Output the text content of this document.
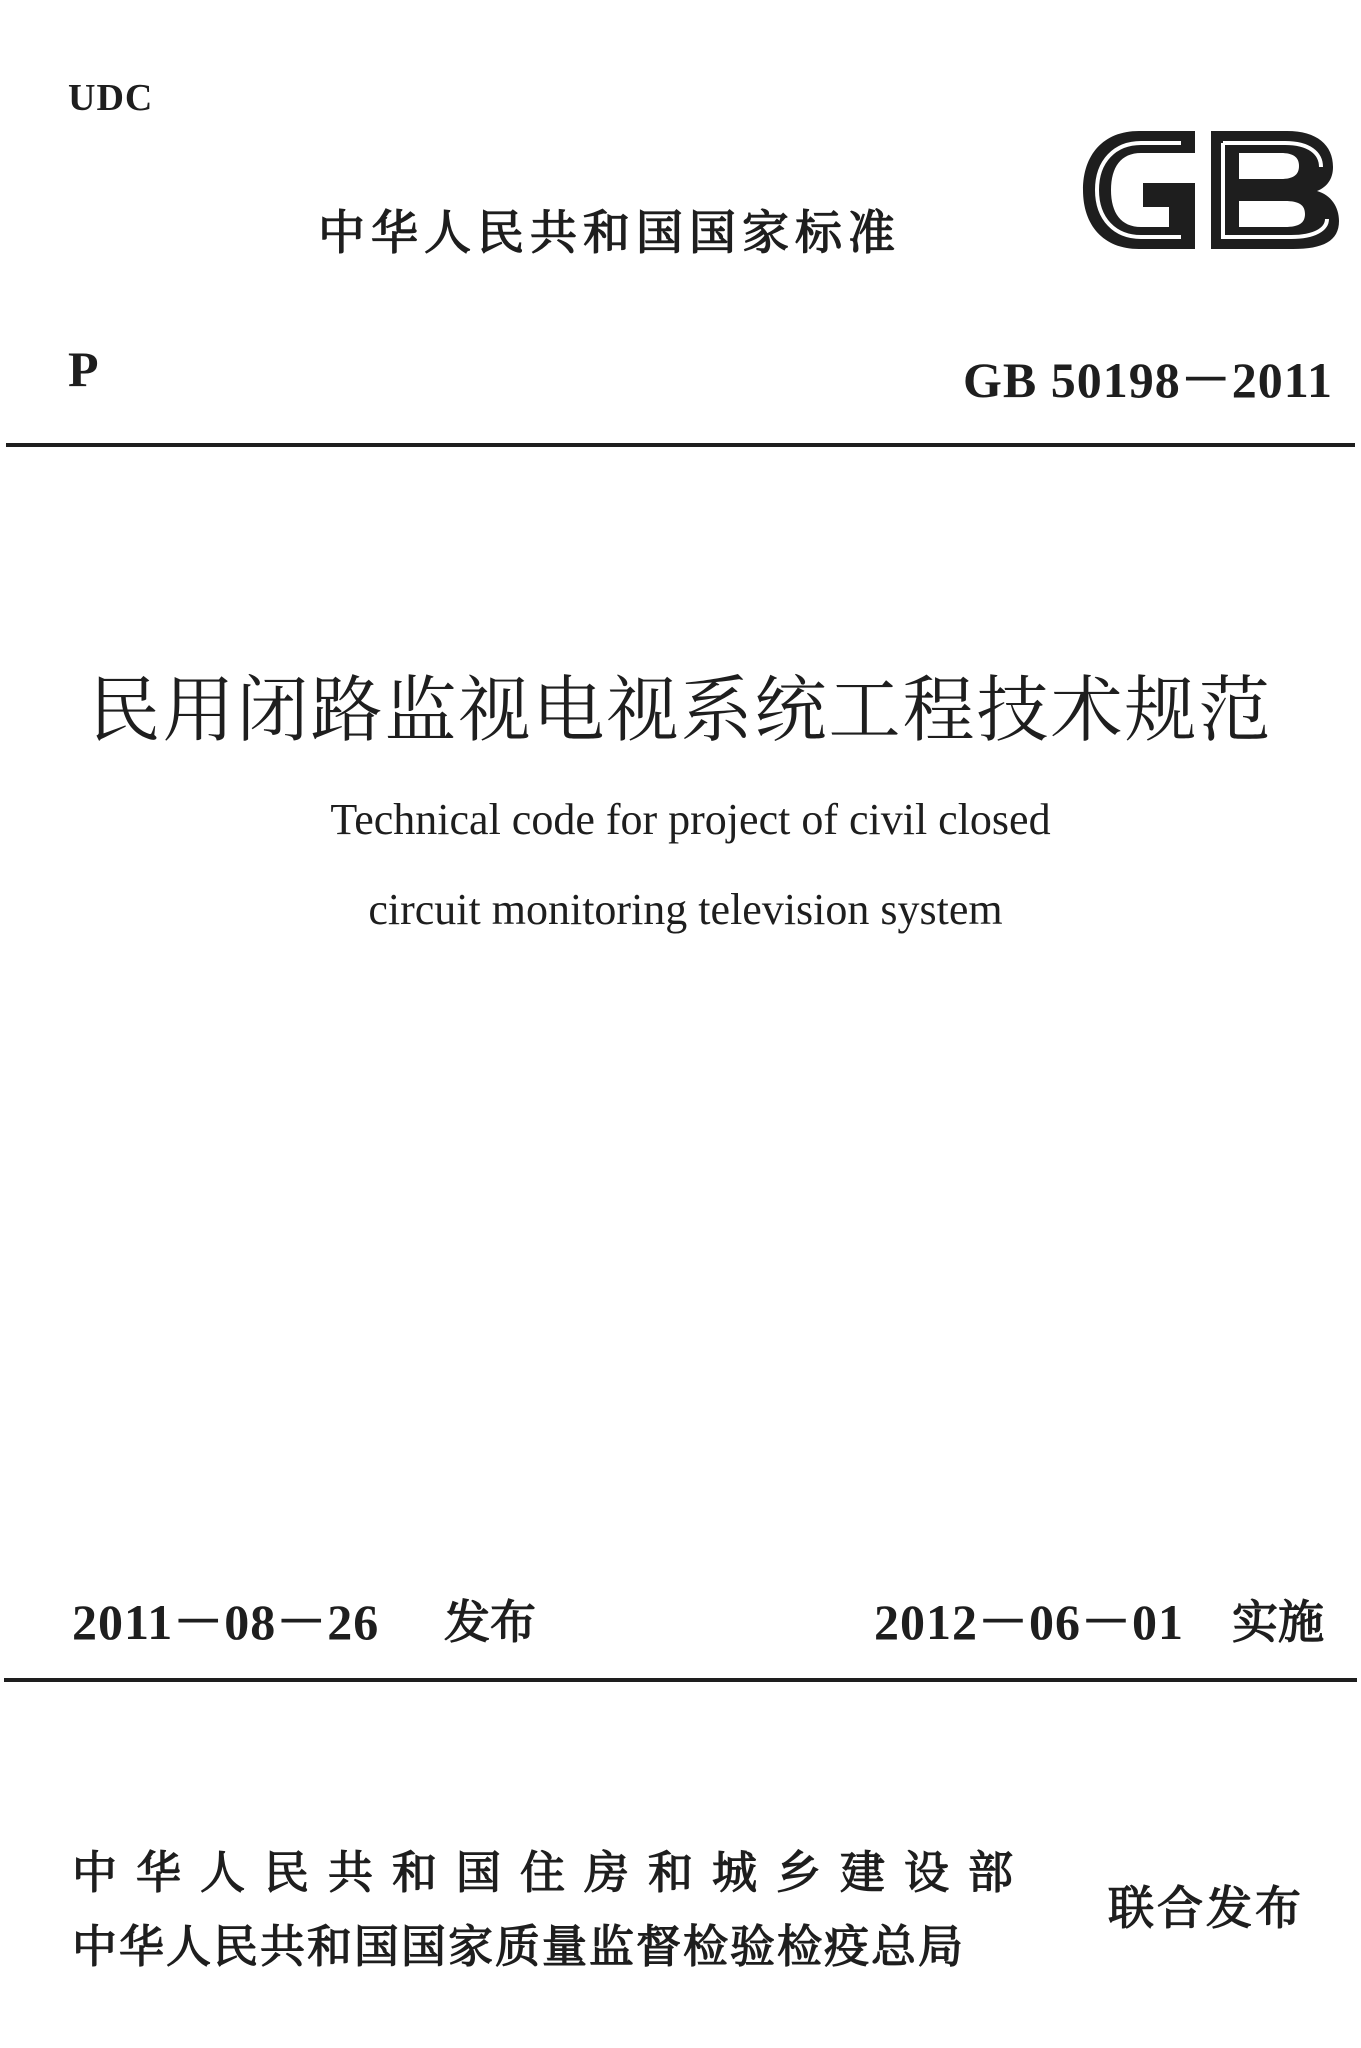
UDC
中华人民共和国国家标准
GB
P	GB 50198－2011
民用闭路监视电视系统工程技术规范
Technical code for project of civil closed
circuit monitoring television system
2011－08－26 发布	2012－06－01 实施
中华人民共和国住房和城乡建设部
中华人民共和国国家质量监督检验检疫总局
联合发布
